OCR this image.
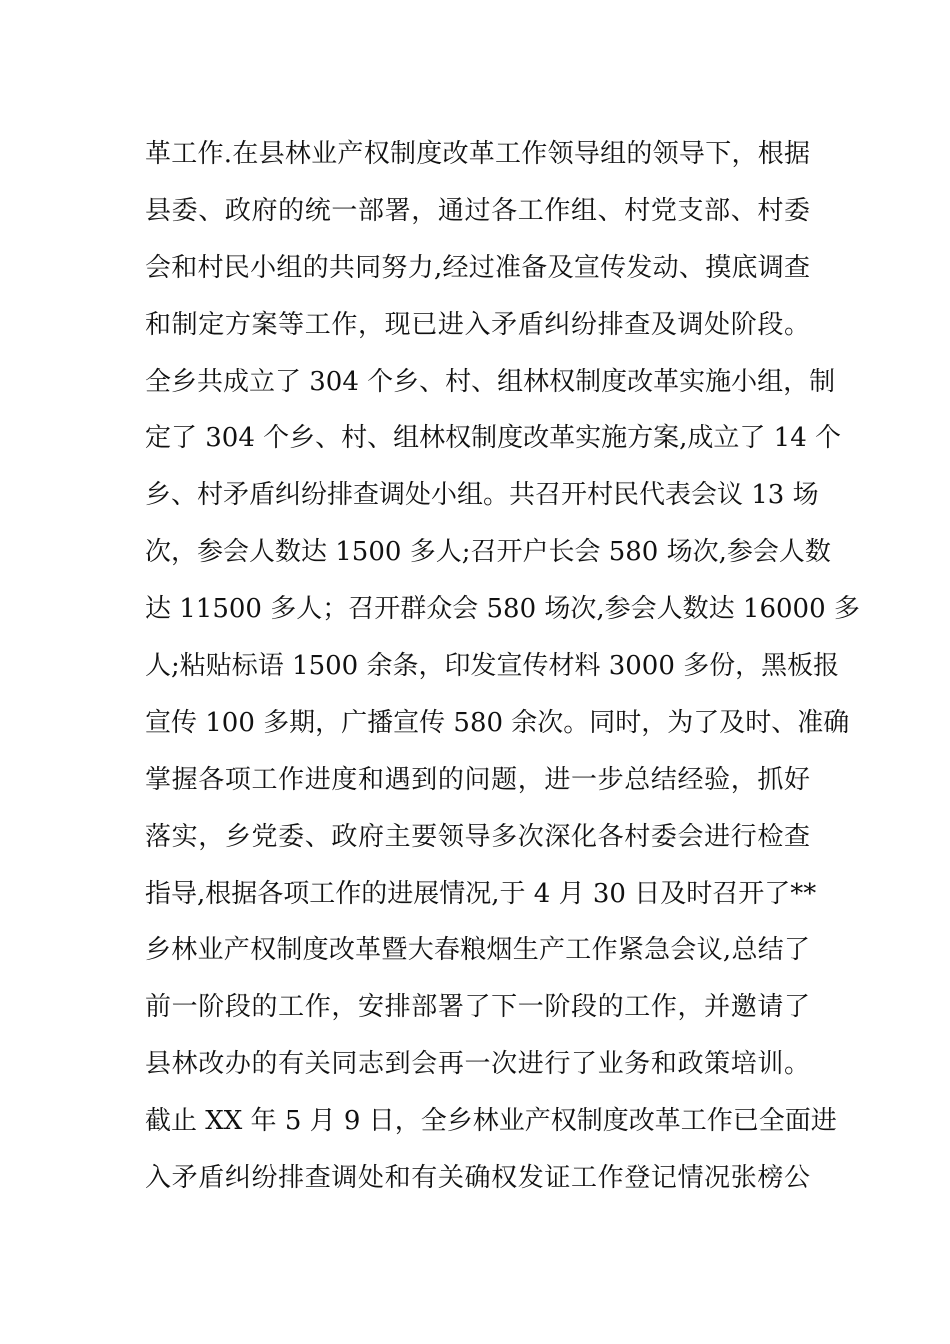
革工作.在县林业产权制度改革工作领导组的领导下，根据
县委、政府的统一部署，通过各工作组、村党支部、村委
会和村民小组的共同努力,经过准备及宣传发动、摸底调查
和制定方案等工作，现已进入矛盾纠纷排查及调处阶段。
全乡共成立了 304 个乡、村、组林权制度改革实施小组，制
定了 304 个乡、村、组林权制度改革实施方案,成立了 14 个
乡、村矛盾纠纷排查调处小组。共召开村民代表会议 13 场
次，参会人数达 1500 多人;召开户长会 580 场次,参会人数
达 11500 多人；召开群众会 580 场次,参会人数达 16000 多
人;粘贴标语 1500 余条，印发宣传材料 3000 多份，黑板报
宣传 100 多期，广播宣传 580 余次。同时，为了及时、准确
掌握各项工作进度和遇到的问题，进一步总结经验，抓好
落实，乡党委、政府主要领导多次深化各村委会进行检查
指导,根据各项工作的进展情况,于 4 月 30 日及时召开了**
乡林业产权制度改革暨大春粮烟生产工作紧急会议,总结了
前一阶段的工作，安排部署了下一阶段的工作，并邀请了
县林改办的有关同志到会再一次进行了业务和政策培训。
截止 XX 年 5 月 9 日，全乡林业产权制度改革工作已全面进
入矛盾纠纷排查调处和有关确权发证工作登记情况张榜公
